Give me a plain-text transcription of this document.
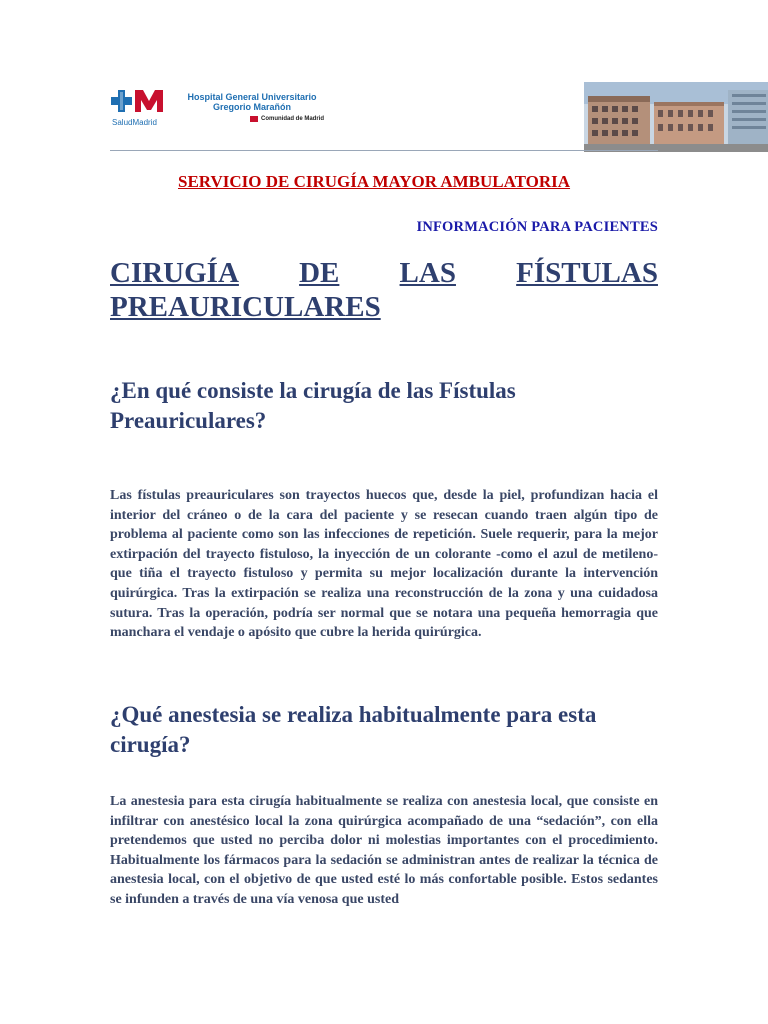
SaludMadrid
Hospital General Universitario Gregorio Marañón
Comunidad de Madrid
SERVICIO DE CIRUGÍA MAYOR AMBULATORIA
INFORMACIÓN PARA PACIENTES
CIRUGÍA DE LAS FÍSTULAS
PREAURICULARES
¿En qué consiste la cirugía de las Fístulas Preauriculares?
Las fístulas preauriculares son trayectos huecos que, desde la piel, profundizan hacia el interior del cráneo o de la cara del paciente y se resecan cuando traen algún tipo de problema al paciente como son las infecciones de repetición. Suele requerir, para la mejor extirpación del trayecto fistuloso, la inyección de un colorante -como el azul de metileno- que tiña el trayecto fistuloso y permita su mejor localización durante la intervención quirúrgica. Tras la extirpación se realiza una reconstrucción de la zona y una cuidadosa sutura. Tras la operación, podría ser normal que se notara una pequeña hemorragia que manchara el vendaje o apósito que cubre la herida quirúrgica.
¿Qué anestesia se realiza habitualmente para esta cirugía?
La anestesia para esta cirugía habitualmente se realiza con anestesia local, que consiste en infiltrar con anestésico local la zona quirúrgica acompañado de una “sedación”, con ella pretendemos que usted no perciba dolor ni molestias importantes con el procedimiento. Habitualmente los fármacos para la sedación se administran antes de realizar la técnica de anestesia local, con el objetivo de que usted esté lo más confortable posible. Estos sedantes se infunden a través de una vía venosa que usted
